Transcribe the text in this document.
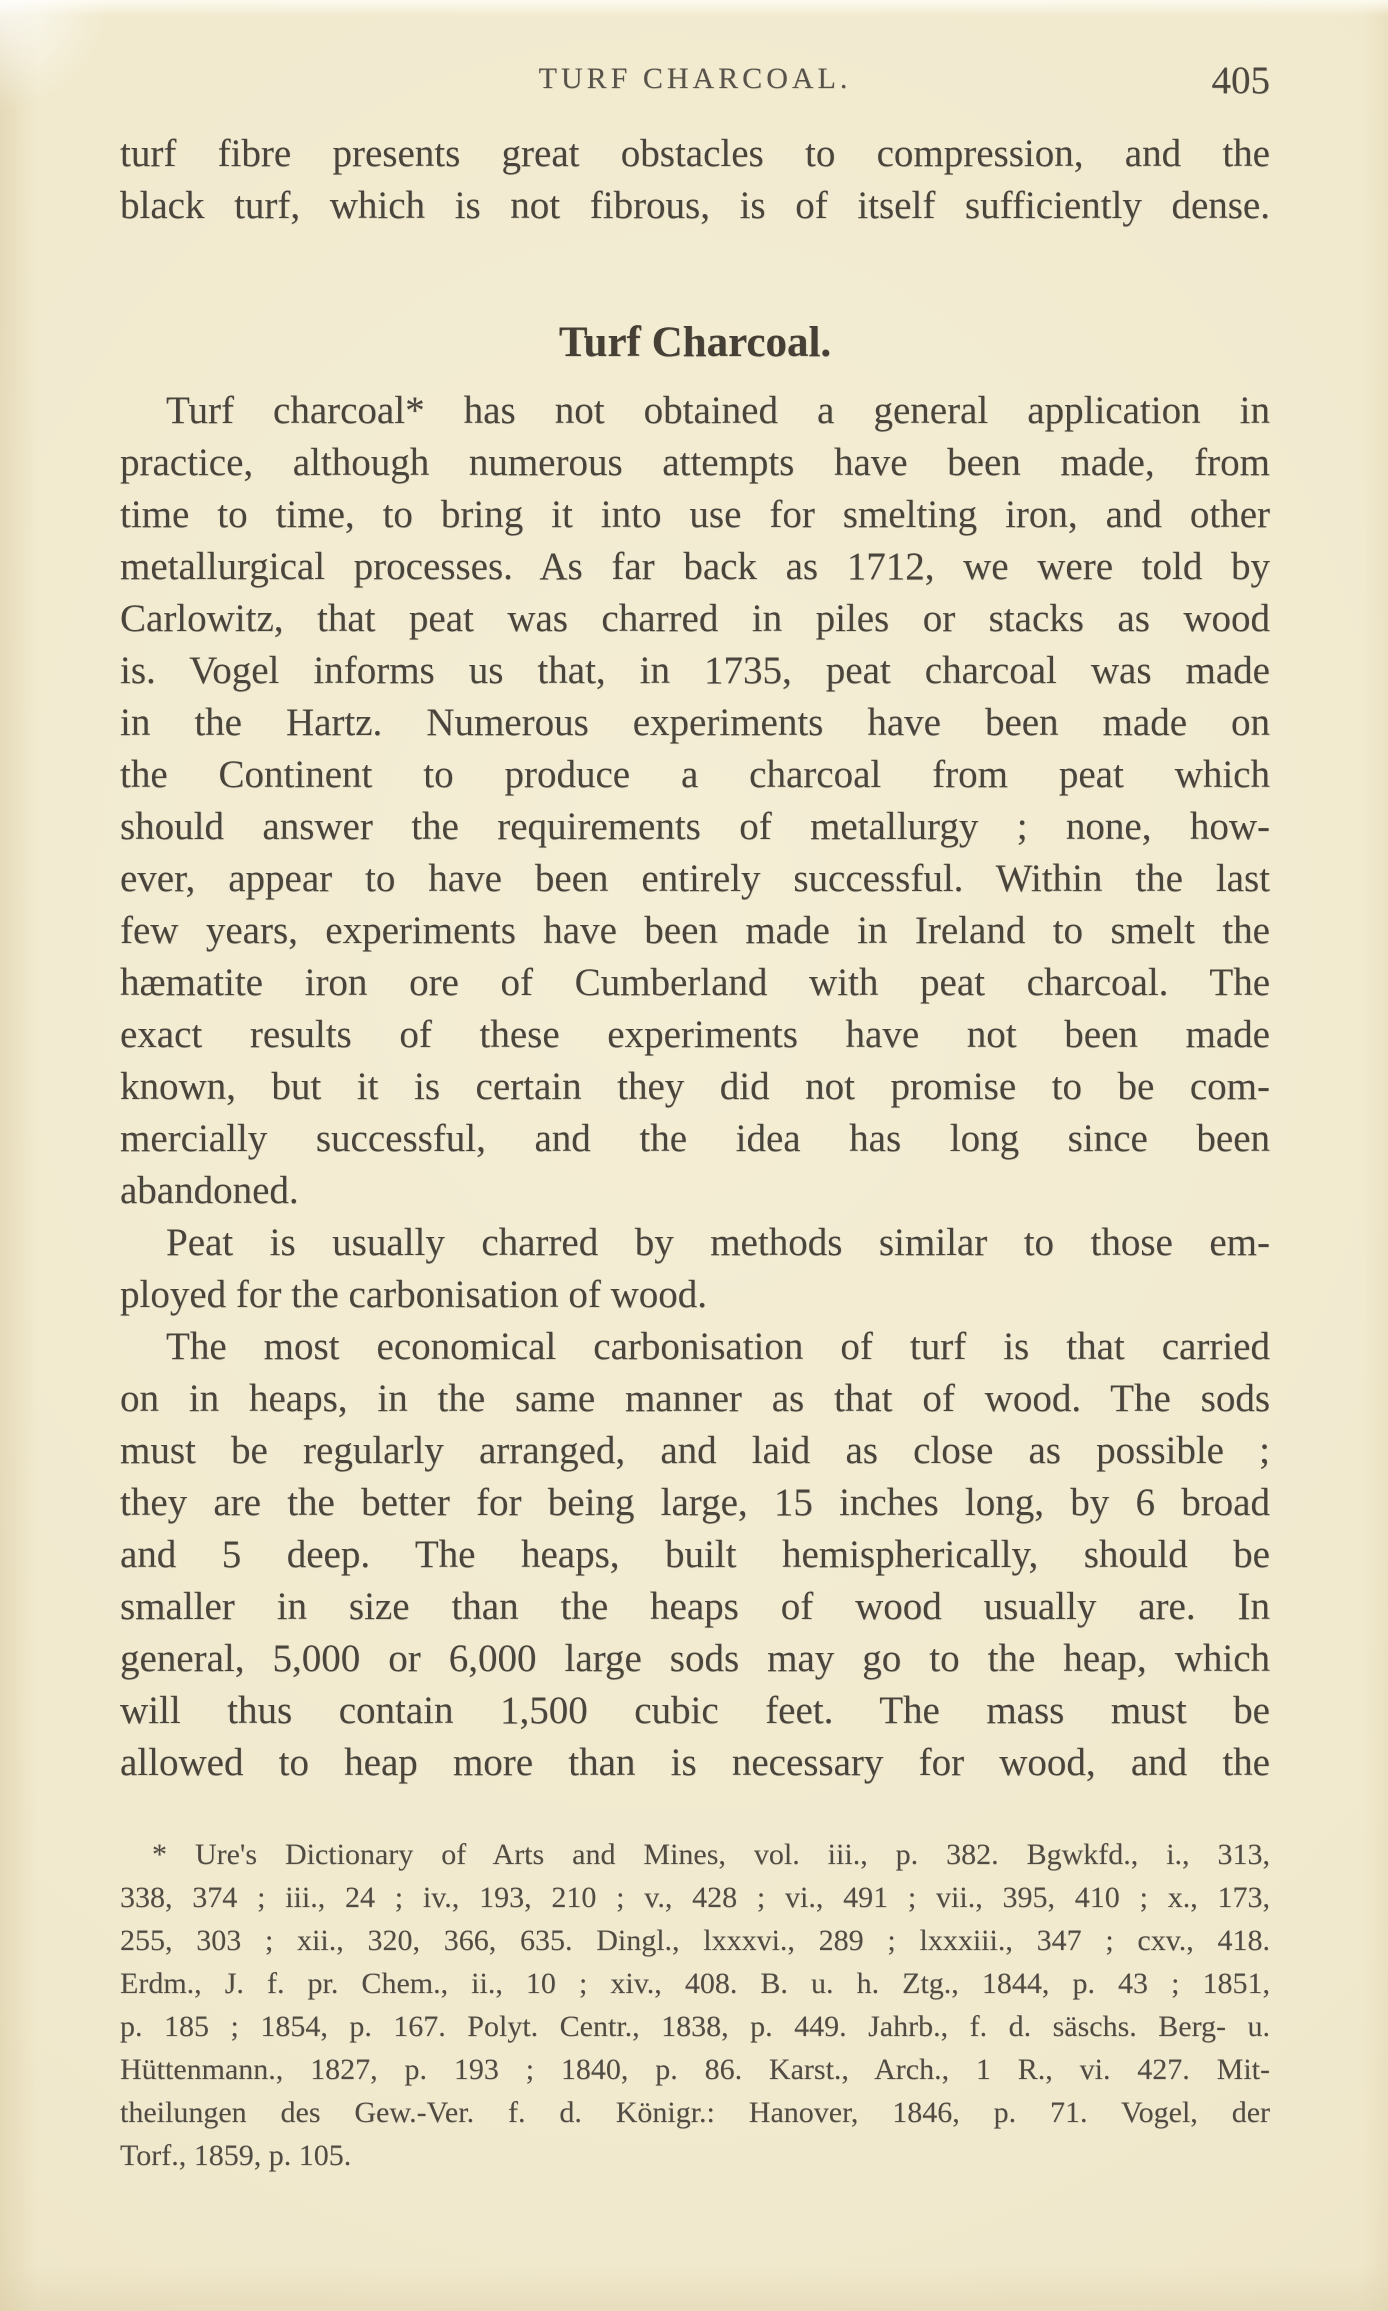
TURF CHARCOAL.	405
turf fibre presents great obstacles to compression, and the
black turf, which is not fibrous, is of itself sufficiently dense.
Turf Charcoal.
Turf charcoal* has not obtained a general application in
practice, although numerous attempts have been made, from
time to time, to bring it into use for smelting iron, and other
metallurgical processes. As far back as 1712, we were told by
Carlowitz, that peat was charred in piles or stacks as wood
is. Vogel informs us that, in 1735, peat charcoal was made
in the Hartz. Numerous experiments have been made on
the Continent to produce a charcoal from peat which
should answer the requirements of metallurgy ; none, how-
ever, appear to have been entirely successful. Within the last
few years, experiments have been made in Ireland to smelt the
hæmatite iron ore of Cumberland with peat charcoal. The
exact results of these experiments have not been made
known, but it is certain they did not promise to be com-
mercially successful, and the idea has long since been
abandoned.
Peat is usually charred by methods similar to those em-
ployed for the carbonisation of wood.
The most economical carbonisation of turf is that carried
on in heaps, in the same manner as that of wood. The sods
must be regularly arranged, and laid as close as possible ;
they are the better for being large, 15 inches long, by 6 broad
and 5 deep. The heaps, built hemispherically, should be
smaller in size than the heaps of wood usually are. In
general, 5,000 or 6,000 large sods may go to the heap, which
will thus contain 1,500 cubic feet. The mass must be
allowed to heap more than is necessary for wood, and the
* Ure's Dictionary of Arts and Mines, vol. iii., p. 382. Bgwkfd., i., 313,
338, 374 ; iii., 24 ; iv., 193, 210 ; v., 428 ; vi., 491 ; vii., 395, 410 ; x., 173,
255, 303 ; xii., 320, 366, 635. Dingl., lxxxvi., 289 ; lxxxiii., 347 ; cxv., 418.
Erdm., J. f. pr. Chem., ii., 10 ; xiv., 408. B. u. h. Ztg., 1844, p. 43 ; 1851,
p. 185 ; 1854, p. 167. Polyt. Centr., 1838, p. 449. Jahrb., f. d. säschs. Berg- u.
Hüttenmann., 1827, p. 193 ; 1840, p. 86. Karst., Arch., 1 R., vi. 427. Mit-
theilungen des Gew.-Ver. f. d. Königr.: Hanover, 1846, p. 71. Vogel, der
Torf., 1859, p. 105.
